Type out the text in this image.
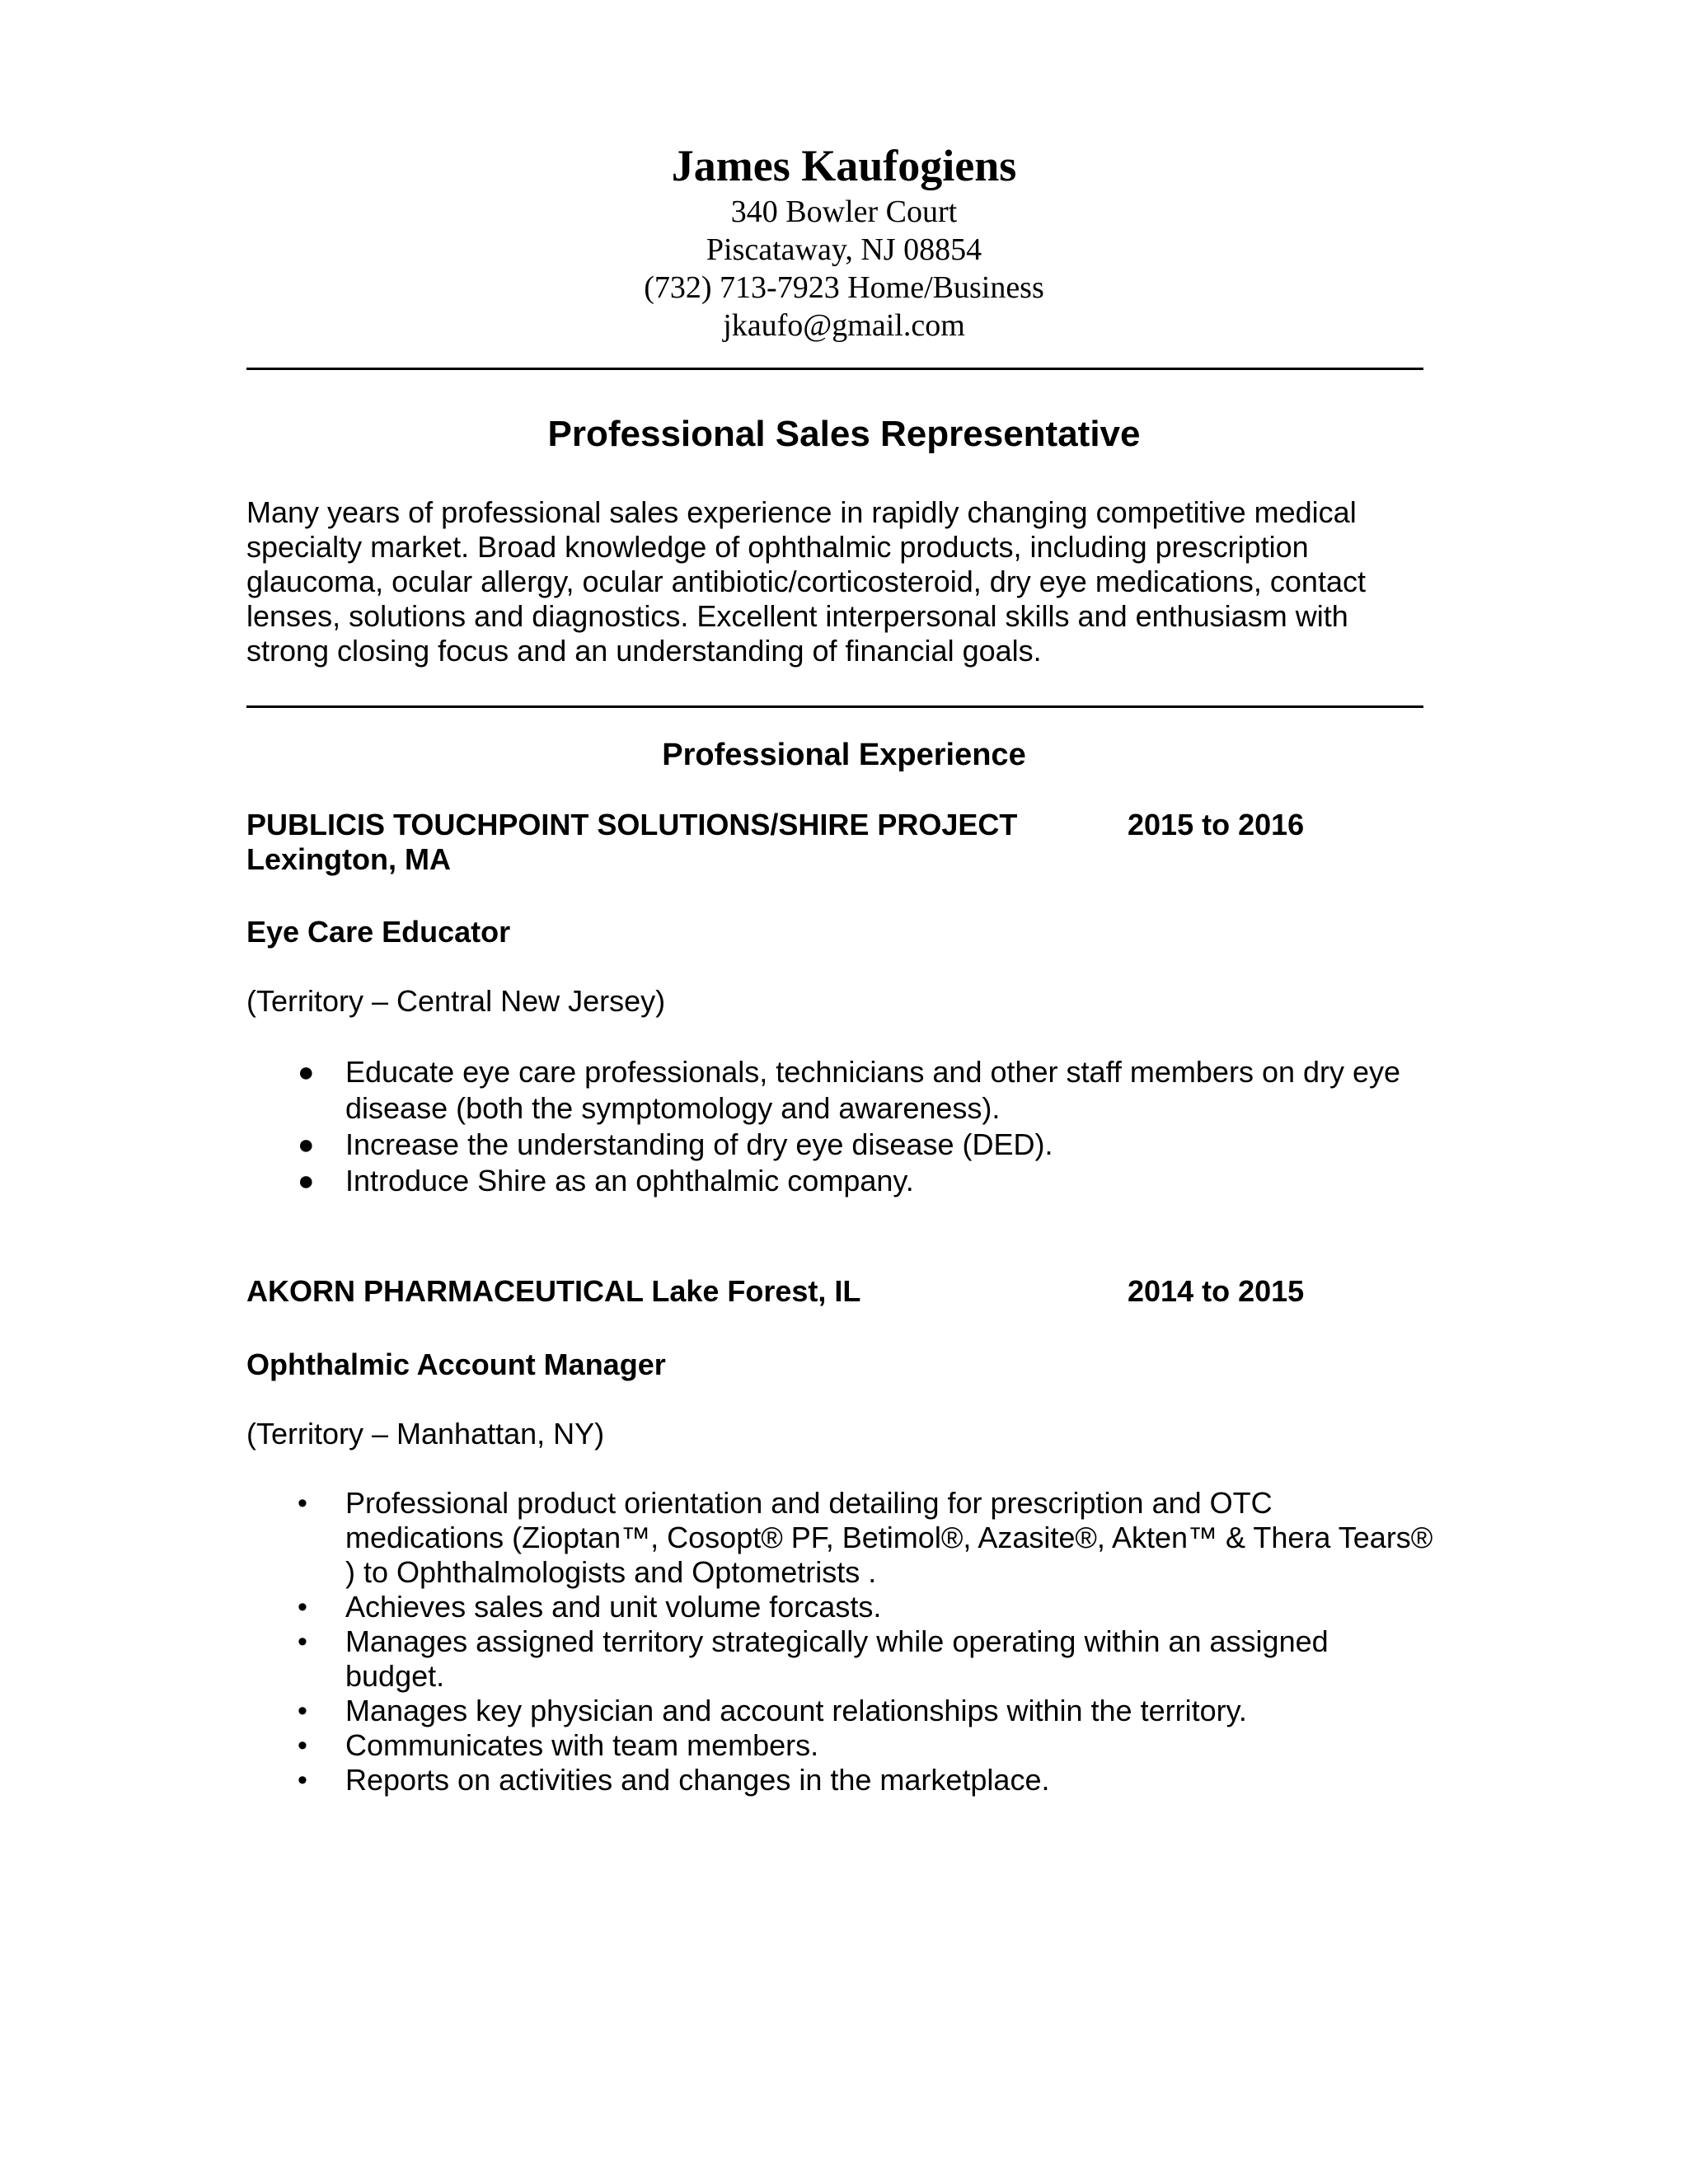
James Kaufogiens

340 Bowler Court

Piscataway, NJ 08854

(732) 713-7923 Home/Business

jkaufo@gmail.com

Professional Sales Representative

Many years of professional sales experience in rapidly changing competitive medical specialty market. Broad knowledge of ophthalmic products, including prescription glaucoma, ocular allergy, ocular antibiotic/corticosteroid, dry eye medications, contact lenses, solutions and diagnostics. Excellent interpersonal skills and enthusiasm with strong closing focus and an understanding of financial goals.

Professional Experience

PUBLICIS TOUCHPOINT SOLUTIONS/SHIRE PROJECT	2015 to 2016

Lexington, MA

Eye Care Educator

(Territory – Central New Jersey)

● Educate eye care professionals, technicians and other staff members on dry eye disease (both the symptomology and awareness).
● Increase the understanding of dry eye disease (DED).
● Introduce Shire as an ophthalmic company.

AKORN PHARMACEUTICAL Lake Forest, IL	2014 to 2015

Ophthalmic Account Manager

(Territory – Manhattan, NY)

• Professional product orientation and detailing for prescription and OTC medications (Zioptan™, Cosopt® PF, Betimol®, Azasite®, Akten™ & Thera Tears® ) to Ophthalmologists and Optometrists .
• Achieves sales and unit volume forcasts.
• Manages assigned territory strategically while operating within an assigned budget.
• Manages key physician and account relationships within the territory.
• Communicates with team members.
• Reports on activities and changes in the marketplace.
